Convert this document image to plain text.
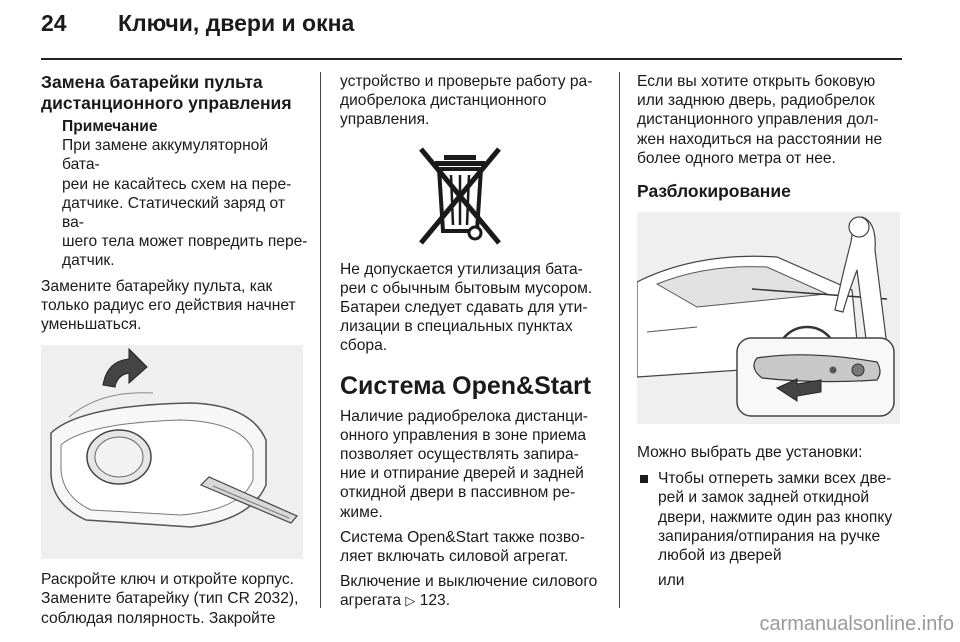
24 Ключи, двери и окна

Замена батарейки пульта
дистанционного управления

Примечание

При замене аккумуляторной бата-
реи не касайтесь схем на пере-
датчике. Статический заряд от ва-
шего тела может повредить пере-
датчик.

Замените батарейку пульта, как
только радиус его действия начнет
уменьшаться.

Раскройте ключ и откройте корпус.
Замените батарейку (тип CR 2032),
соблюдая полярность. Закройте

устройство и проверьте работу ра-
диобрелока дистанционного
управления.

Не допускается утилизация бата-
реи с обычным бытовым мусором.
Батареи следует сдавать для ути-
лизации в специальных пунктах
сбора.

Система Open&Start

Наличие радиобрелока дистанци-
онного управления в зоне приема
позволяет осуществлять запира-
ние и отпирание дверей и задней
откидной двери в пассивном ре-
жиме.

Система Open&Start также позво-
ляет включать силовой агрегат.

Включение и выключение силового
агрегата ▷ 123.

Если вы хотите открыть боковую
или заднюю дверь, радиобрелок
дистанционного управления дол-
жен находиться на расстоянии не
более одного метра от нее.

Разблокирование

Можно выбрать две установки:

Чтобы отпереть замки всех две-
рей и замок задней откидной
двери, нажмите один раз кнопку
запирания/отпирания на ручке
любой из дверей

или

carmanualsonline.info
